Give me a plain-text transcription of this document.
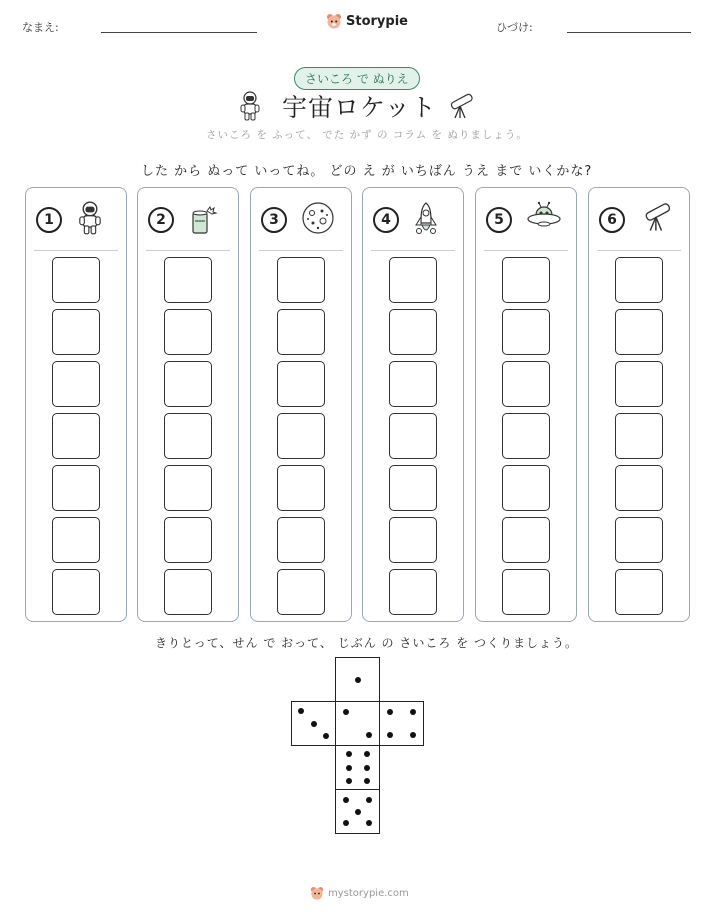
なまえ:	Storypie	ひづけ:
さいころ で ぬりえ
宇宙ロケット
さいころ を ふって、 でた かず の コラム を ぬりましょう。
した から ぬって いってね。 どの え が いちばん うえ まで いくかな?
1	2	3	4	5	6
きりとって、せん で おって、 じぶん の さいころ を つくりましょう。
mystorypie.com
